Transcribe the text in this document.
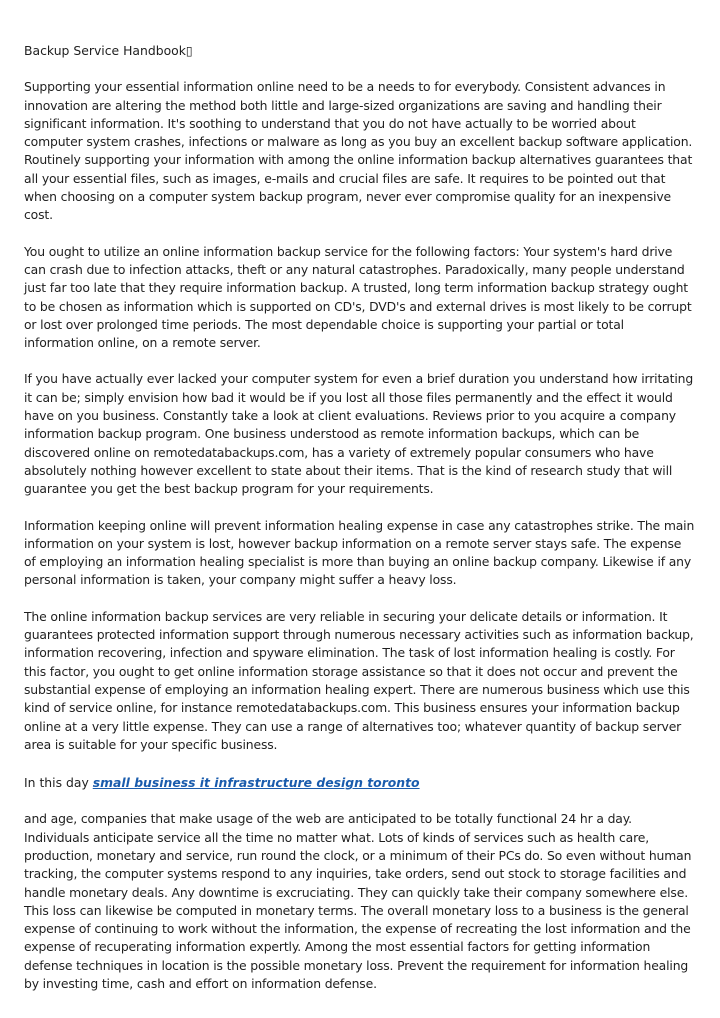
Backup Service Handbook▯

Supporting your essential information online need to be a needs to for everybody. Consistent advances in innovation are altering the method both little and large-sized organizations are saving and handling their significant information. It's soothing to understand that you do not have actually to be worried about computer system crashes, infections or malware as long as you buy an excellent backup software application. Routinely supporting your information with among the online information backup alternatives guarantees that all your essential files, such as images, e-mails and crucial files are safe. It requires to be pointed out that when choosing on a computer system backup program, never ever compromise quality for an inexpensive cost.

You ought to utilize an online information backup service for the following factors: Your system's hard drive can crash due to infection attacks, theft or any natural catastrophes. Paradoxically, many people understand just far too late that they require information backup. A trusted, long term information backup strategy ought to be chosen as information which is supported on CD's, DVD's and external drives is most likely to be corrupt or lost over prolonged time periods. The most dependable choice is supporting your partial or total information online, on a remote server.

If you have actually ever lacked your computer system for even a brief duration you understand how irritating it can be; simply envision how bad it would be if you lost all those files permanently and the effect it would have on you business. Constantly take a look at client evaluations. Reviews prior to you acquire a company information backup program. One business understood as remote information backups, which can be discovered online on remotedatabackups.com, has a variety of extremely popular consumers who have absolutely nothing however excellent to state about their items. That is the kind of research study that will guarantee you get the best backup program for your requirements.

Information keeping online will prevent information healing expense in case any catastrophes strike. The main information on your system is lost, however backup information on a remote server stays safe. The expense of employing an information healing specialist is more than buying an online backup company. Likewise if any personal information is taken, your company might suffer a heavy loss.

The online information backup services are very reliable in securing your delicate details or information. It guarantees protected information support through numerous necessary activities such as information backup, information recovering, infection and spyware elimination. The task of lost information healing is costly. For this factor, you ought to get online information storage assistance so that it does not occur and prevent the substantial expense of employing an information healing expert. There are numerous business which use this kind of service online, for instance remotedatabackups.com. This business ensures your information backup online at a very little expense. They can use a range of alternatives too; whatever quantity of backup server area is suitable for your specific business.

In this day small business it infrastructure design toronto

and age, companies that make usage of the web are anticipated to be totally functional 24 hr a day. Individuals anticipate service all the time no matter what. Lots of kinds of services such as health care, production, monetary and service, run round the clock, or a minimum of their PCs do. So even without human tracking, the computer systems respond to any inquiries, take orders, send out stock to storage facilities and handle monetary deals. Any downtime is excruciating. They can quickly take their company somewhere else. This loss can likewise be computed in monetary terms. The overall monetary loss to a business is the general expense of continuing to work without the information, the expense of recreating the lost information and the expense of recuperating information expertly. Among the most essential factors for getting information defense techniques in location is the possible monetary loss. Prevent the requirement for information healing by investing time, cash and effort on information defense.
